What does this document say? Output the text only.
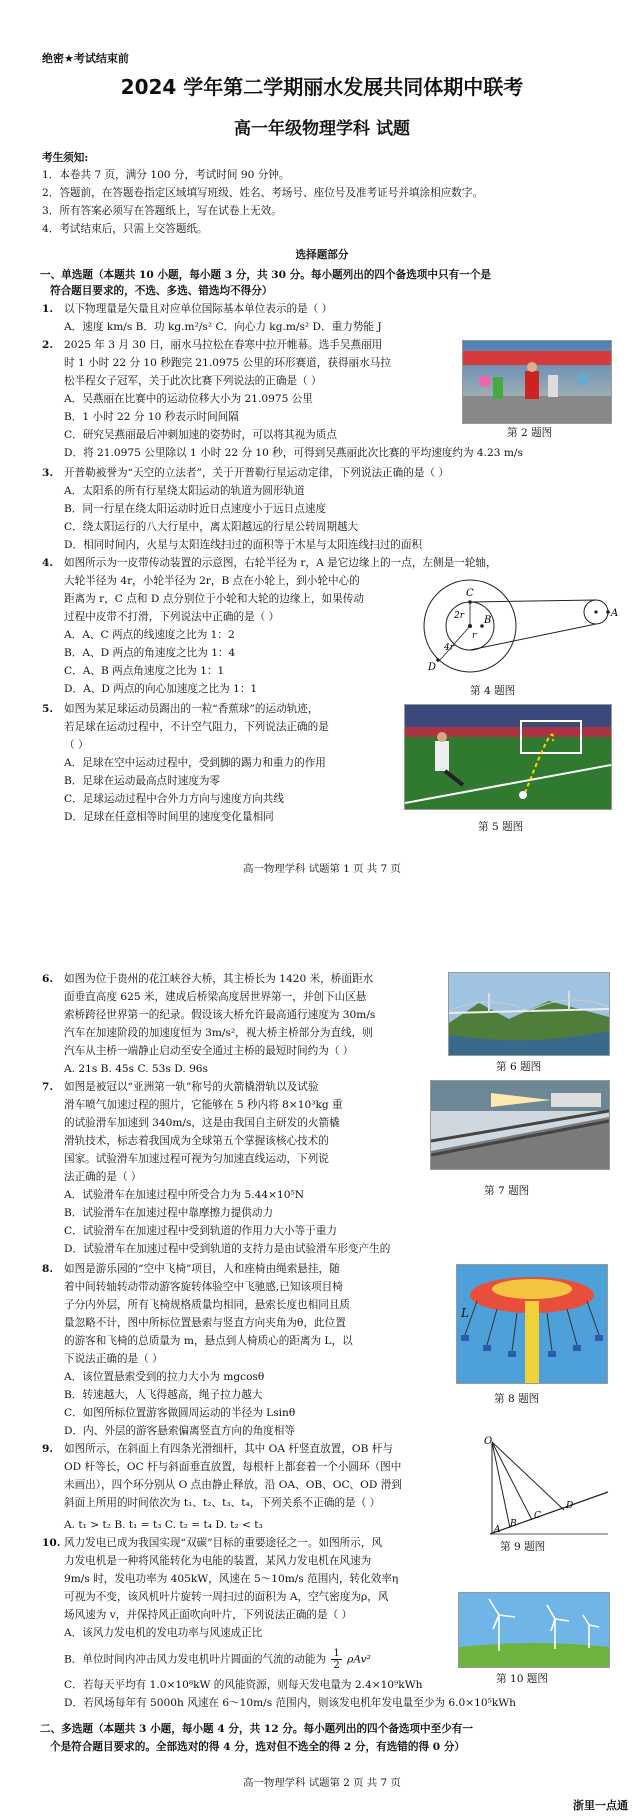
绝密★考试结束前
2024 学年第二学期丽水发展共同体期中联考
高一年级物理学科 试题
考生须知:
1．本卷共 7 页，满分 100 分，考试时间 90 分钟。
2．答题前，在答题卷指定区域填写班级、姓名、考场号、座位号及准考证号并填涂相应数字。
3．所有答案必须写在答题纸上，写在试卷上无效。
4．考试结束后，只需上交答题纸。
选择题部分
一、单选题（本题共 10 小题，每小题 3 分，共 30 分。每小题列出的四个备选项中只有一个是
符合题目要求的，不选、多选、错选均不得分）
1. 以下物理量是矢量且对应单位国际基本单位表示的是（ ）
A．速度 km/s B．功 kg.m²/s² C．向心力 kg.m/s² D．重力势能 J
2. 2025 年 3 月 30 日，丽水马拉松在春寒中拉开帷幕。选手吴燕丽用
时 1 小时 22 分 10 秒跑完 21.0975 公里的环形赛道，获得丽水马拉
松半程女子冠军，关于此次比赛下列说法的正确是（ ）
A．吴燕丽在比赛中的运动位移大小为 21.0975 公里
B．1 小时 22 分 10 秒表示时间间隔
C．研究吴燕丽最后冲刺加速的姿势时，可以将其视为质点
D．将 21.0975 公里除以 1 小时 22 分 10 秒，可得到吴燕丽此次比赛的平均速度约为 4.23 m/s
第 2 题图
3. 开普勒被誉为“天空的立法者”，关于开普勒行星运动定律，下列说法正确的是（ ）
A．太阳系的所有行星绕太阳运动的轨道为圆形轨道
B．同一行星在绕太阳运动时近日点速度小于远日点速度
C．绕太阳运行的八大行星中，离太阳越远的行星公转周期越大
D．相同时间内，火星与太阳连线扫过的面积等于木星与太阳连线扫过的面积
4. 如图所示为一皮带传动装置的示意图，右轮半径为 r，A 是它边缘上的一点，左侧是一轮轴，
大轮半径为 4r，小轮半径为 2r，B 点在小轮上，到小轮中心的
距离为 r，C 点和 D 点分别位于小轮和大轮的边缘上，如果传动
过程中皮带不打滑，下列说法中正确的是（ ）
A．A、C 两点的线速度之比为 1：2
B．A、D 两点的角速度之比为 1：4
C．A、B 两点角速度之比为 1：1
D．A、D 两点的向心加速度之比为 1：1
C
B
A
D
2r
r
4r
第 4 题图
5. 如图为某足球运动员踢出的一粒“香蕉球”的运动轨迹，
若足球在运动过程中，不计空气阻力，下列说法正确的是
（ ）
A．足球在空中运动过程中，受到脚的踢力和重力的作用
B．足球在运动最高点时速度为零
C．足球运动过程中合外力方向与速度方向共线
D．足球在任意相等时间里的速度变化量相同
第 5 题图
高一物理学科 试题第 1 页 共 7 页
6. 如图为位于贵州的花江峡谷大桥，其主桥长为 1420 米，桥面距水
面垂直高度 625 米，建成后桥梁高度居世界第一，并创下山区悬
索桥跨径世界第一的纪录。假设该大桥允许最高通行速度为 30m/s
汽车在加速阶段的加速度恒为 3m/s²，视大桥主桥部分为直线，则
汽车从主桥一端静止启动至安全通过主桥的最短时间约为（ ）
A. 21s B. 45s C. 53s D. 96s	第 6 题图
7. 如图是被冠以“亚洲第一轨”称号的火箭橇滑轨以及试验
滑车喷气加速过程的照片，它能够在 5 秒内将 8×10³kg 重
的试验滑车加速到 340m/s，这是由我国自主研发的火箭橇
滑轨技术，标志着我国成为全球第五个掌握该核心技术的
国家。试验滑车加速过程可视为匀加速直线运动，下列说
法正确的是（ ）
A．试验滑车在加速过程中所受合力为 5.44×10⁵N
B．试验滑车在加速过程中靠摩擦力提供动力
C．试验滑车在加速过程中受到轨道的作用力大小等于重力
D．试验滑车在加速过程中受到轨道的支持力是由试验滑车形变产生的
第 7 题图
8. 如图是游乐园的“空中飞椅”项目，人和座椅由绳索悬挂，随
着中间转轴转动带动游客旋转体验空中飞驰感,已知该项目椅
子分内外层，所有飞椅规格质量均相同，悬索长度也相同且质
量忽略不计，图中所标位置悬索与竖直方向夹角为θ，此位置
的游客和飞椅的总质量为 m，悬点到人椅质心的距离为 L，以
下说法正确的是（ ）
A．该位置悬索受到的拉力大小为 mgcosθ
B．转速越大，人飞得越高，绳子拉力越大
C．如图所标位置游客做圆周运动的半径为 Lsinθ
D．内、外层的游客悬索偏离竖直方向的角度相等
L
第 8 题图
9. 如图所示，在斜面上有四条光滑细杆，其中 OA 杆竖直放置，OB 杆与
OD 杆等长，OC 杆与斜面垂直放置，每根杆上都套着一个小圆环（图中
未画出），四个环分别从 O 点由静止释放，沿 OA、OB、OC、OD 滑到
斜面上所用的时间依次为 t₁、t₂、t₃、t₄，下列关系不正确的是（ ）
A. t₁ > t₂ B. t₁ = t₃ C. t₂ = t₄ D. t₂ < t₃
O
A
B
C
D
第 9 题图
10. 风力发电已成为我国实现“双碳”目标的重要途径之一。如图所示，风
力发电机是一种将风能转化为电能的装置，某风力发电机在风速为
9m/s 时，发电功率为 405kW，风速在 5～10m/s 范围内，转化效率η
可视为不变，该风机叶片旋转一周扫过的面积为 A，空气密度为ρ，风
场风速为 v，并保持风正面吹向叶片，下列说法正确的是（ ）
A．该风力发电机的发电功率与风速成正比
B．单位时间内冲击风力发电机叶片圆面的气流的动能为 $\frac{1}{2} \rho Av^2$
C．若每天平均有 1.0×10⁸kW 的风能资源，则每天发电量为 2.4×10⁹kWh
D．若风场每年有 5000h 风速在 6～10m/s 范围内，则该发电机年发电量至少为 6.0×10⁵kWh
第 10 题图
二、多选题（本题共 3 小题，每小题 4 分，共 12 分。每小题列出的四个备选项中至少有一
个是符合题目要求的。全部选对的得 4 分，选对但不选全的得 2 分，有选错的得 0 分）
高一物理学科 试题第 2 页 共 7 页
浙里一点通
